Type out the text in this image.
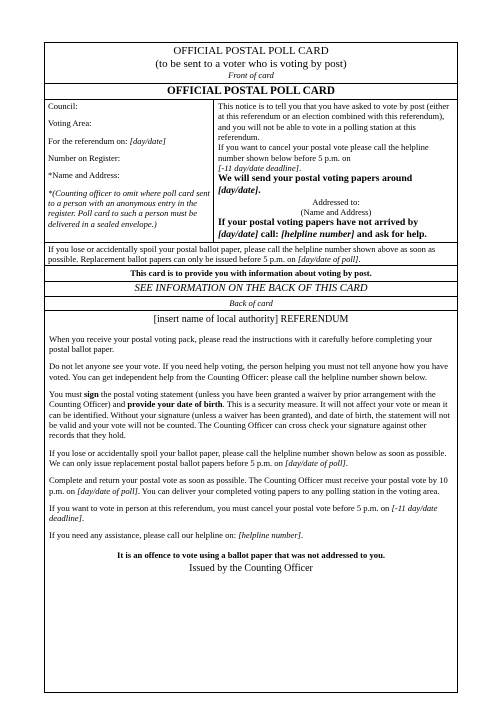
OFFICIAL POSTAL POLL CARD
(to be sent to a voter who is voting by post)
Front of card
OFFICIAL POSTAL POLL CARD

Council:

Voting Area:

For the referendum on: [day/date]

Number on Register:

*Name and Address:

*(Counting officer to omit where poll card sent to a person with an anonymous entry in the register. Poll card to such a person must be delivered in a sealed envelope.)

This notice is to tell you that you have asked to vote by post (either at this referendum or an election combined with this referendum), and you will not be able to vote in a polling station at this referendum.

If you want to cancel your postal vote please call the helpline number shown below before 5 p.m. on
[-11 day/date deadline].

We will send your postal voting papers around [day/date].

Addressed to:

(Name and Address)

If your postal voting papers have not arrived by [day/date] call: [helpline number] and ask for help.

If you lose or accidentally spoil your postal ballot paper, please call the helpline number shown above as soon as possible. Replacement ballot papers can only be issued before 5 p.m. on [day/date of poll].
This card is to provide you with information about voting by post.
SEE INFORMATION ON THE BACK OF THIS CARD
Back of card

[insert name of local authority] REFERENDUM

When you receive your postal voting pack, please read the instructions with it carefully before completing your postal ballot paper.

Do not let anyone see your vote. If you need help voting, the person helping you must not tell anyone how you have voted. You can get independent help from the Counting Officer: please call the helpline number shown below.

You must sign the postal voting statement (unless you have been granted a waiver by prior arrangement with the Counting Officer) and provide your date of birth. This is a security measure. It will not affect your vote or mean it can be identified. Without your signature (unless a waiver has been granted), and date of birth, the statement will not be valid and your vote will not be counted. The Counting Officer can cross check your signature against other records that they hold.

If you lose or accidentally spoil your ballot paper, please call the helpline number shown below as soon as possible. We can only issue replacement postal ballot papers before 5 p.m. on [day/date of poll].

Complete and return your postal vote as soon as possible. The Counting Officer must receive your postal vote by 10 p.m. on [day/date of poll]. You can deliver your completed voting papers to any polling station in the voting area.

If you want to vote in person at this referendum, you must cancel your postal vote before 5 p.m. on [-11 day/date deadline].

If you need any assistance, please call our helpline on: [helpline number].

It is an offence to vote using a ballot paper that was not addressed to you.

Issued by the Counting Officer
